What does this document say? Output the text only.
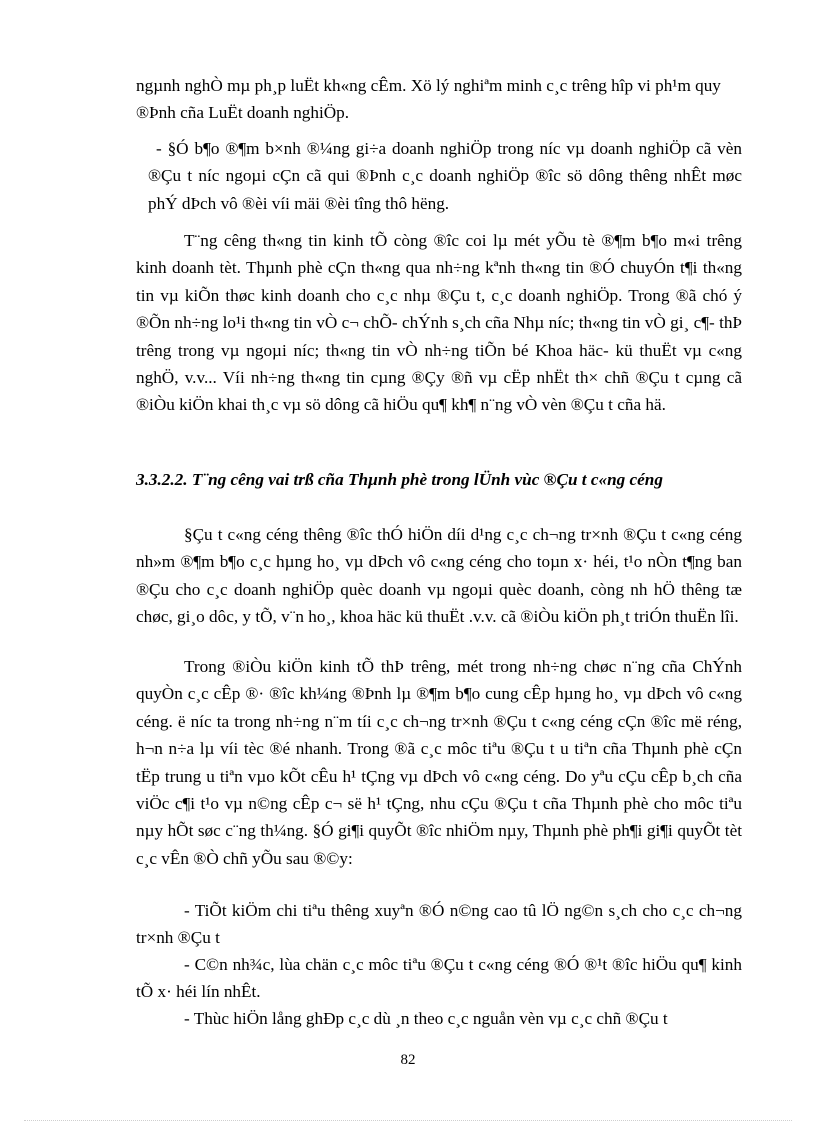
ngµnh nghÒ mµ ph¸p luËt kh«ng cÊm. Xö lý nghiªm minh c¸c trêng hîp vi ph¹m quy ®Þnh cña LuËt doanh nghiÖp.
- §Ó b¶o ®¶m b×nh ®¼ng gi÷a doanh nghiÖp trong níc vµ doanh nghiÖp cã vèn ®Çu t níc ngoµi cÇn cã qui ®Þnh c¸c doanh nghiÖp ®îc sö dông thêng nhÊt møc phÝ dÞch vô ®èi víi mäi ®èi tîng thô hëng.
T¨ng cêng th«ng tin kinh tÕ còng ®îc coi lµ mét yÕu tè ®¶m b¶o m«i trêng kinh doanh tèt. Thµnh phè cÇn th«ng qua nh÷ng kªnh th«ng tin ®Ó chuyÓn t¶i th«ng tin vµ kiÕn thøc kinh doanh cho c¸c nhµ ®Çu t, c¸c doanh nghiÖp. Trong ®ã chó ý ®Õn nh÷ng lo¹i th«ng tin vÒ c¬ chÕ- chÝnh s¸ch cña Nhµ níc; th«ng tin vÒ gi¸ c¶- thÞ trêng trong vµ ngoµi níc; th«ng tin vÒ nh÷ng tiÕn bé Khoa häc- kü thuËt vµ c«ng nghÖ, v.v... Víi nh÷ng th«ng tin cµng ®Çy ®ñ vµ cËp nhËt th× chñ ®Çu t cµng cã ®iÒu kiÖn khai th¸c vµ sö dông cã hiÖu qu¶ kh¶ n¨ng vÒ vèn ®Çu t cña hä.
3.3.2.2. T¨ng cêng vai trß cña Thµnh phè trong lÜnh vùc ®Çu t c«ng céng
§Çu t c«ng céng thêng ®îc thÓ hiÖn díi d¹ng c¸c ch¬ng tr×nh ®Çu t c«ng céng nh»m ®¶m b¶o c¸c hµng ho¸ vµ dÞch vô c«ng céng cho toµn x· héi, t¹o nÒn t¶ng ban ®Çu cho c¸c doanh nghiÖp quèc doanh vµ ngoµi quèc doanh, còng nh hÖ thêng tæ chøc, gi¸o dôc, y tÕ, v¨n ho¸, khoa häc kü thuËt .v.v. cã ®iÒu kiÖn ph¸t triÓn thuËn lîi.
Trong ®iÒu kiÖn kinh tÕ thÞ trêng, mét trong nh÷ng chøc n¨ng cña ChÝnh quyÒn c¸c cÊp ®· ®îc kh¼ng ®Þnh lµ ®¶m b¶o cung cÊp hµng ho¸ vµ dÞch vô c«ng céng. ë níc ta trong nh÷ng n¨m tíi c¸c ch¬ng tr×nh ®Çu t c«ng céng cÇn ®îc më réng, h¬n n÷a lµ víi tèc ®é nhanh. Trong ®ã c¸c môc tiªu ®Çu t u tiªn cña Thµnh phè cÇn tËp trung u tiªn vµo kÕt cÊu h¹ tÇng vµ dÞch vô c«ng céng. Do yªu cÇu cÊp b¸ch cña viÖc c¶i t¹o vµ n©ng cÊp c¬ së h¹ tÇng, nhu cÇu ®Çu t cña Thµnh phè cho môc tiªu nµy hÕt søc c¨ng th¼ng. §Ó gi¶i quyÕt ®îc nhiÖm nµy, Thµnh phè ph¶i gi¶i quyÕt tèt c¸c vÊn ®Ò chñ yÕu sau ®©y:
- TiÕt kiÖm chi tiªu thêng xuyªn ®Ó n©ng cao tû lÖ ng©n s¸ch cho c¸c ch¬ng tr×nh ®Çu t
- C©n nh¾c, lùa chän c¸c môc tiªu ®Çu t c«ng céng ®Ó ®¹t ®îc hiÖu qu¶ kinh tÕ x· héi lín nhÊt.
- Thùc hiÖn lång ghÐp c¸c dù ¸n theo c¸c nguån vèn vµ c¸c chñ ®Çu t
82
